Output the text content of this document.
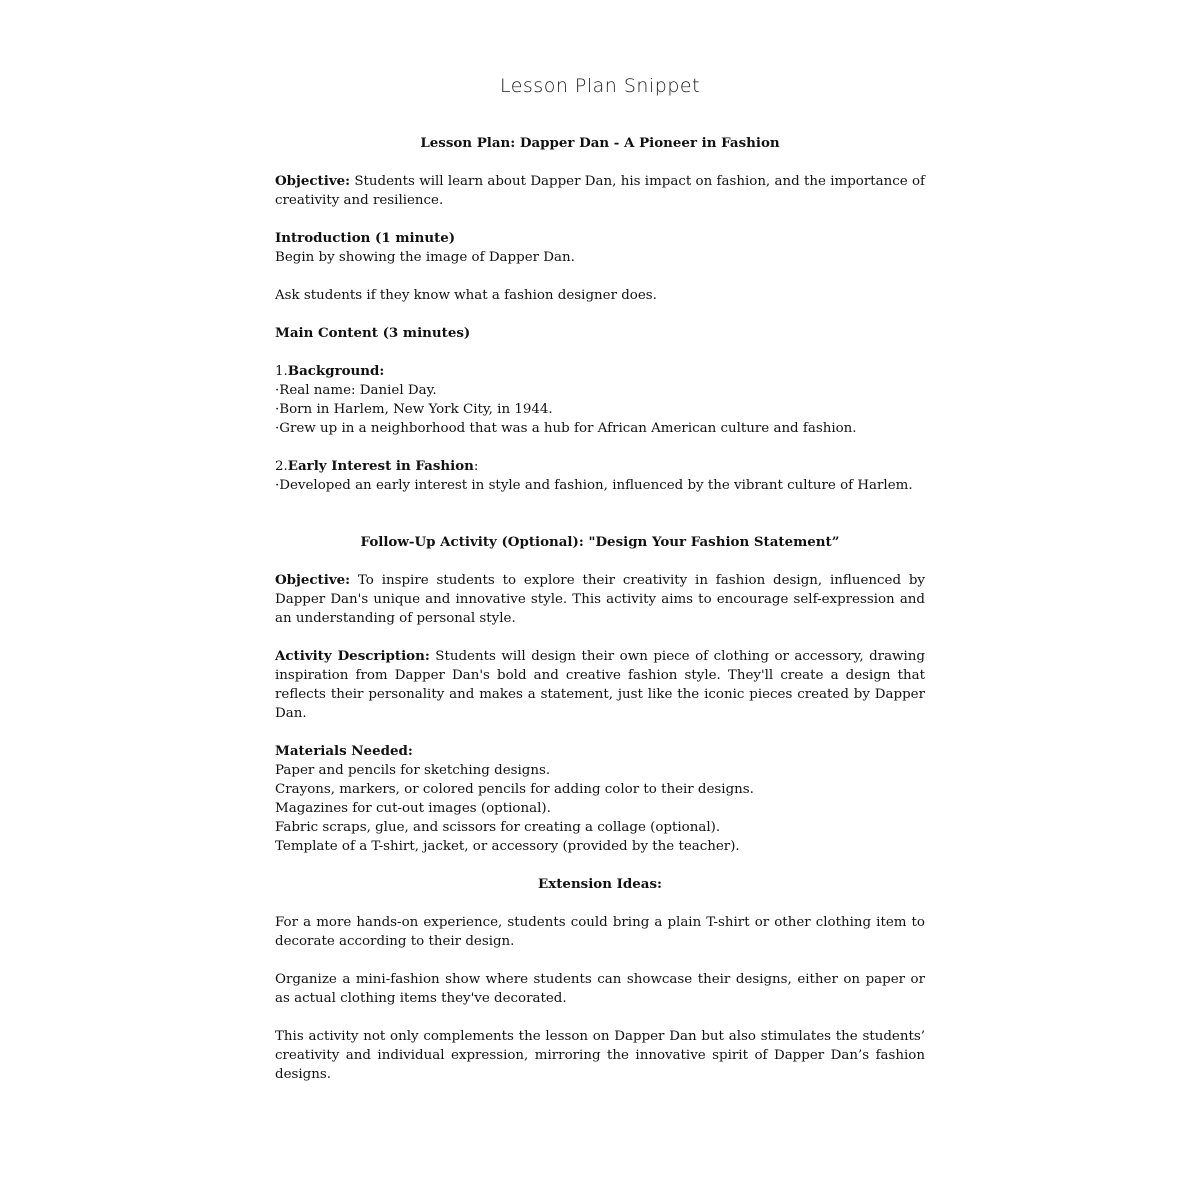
Lesson Plan Snippet

Lesson Plan: Dapper Dan - A Pioneer in Fashion

Objective: Students will learn about Dapper Dan, his impact on fashion, and the importance of creativity and resilience.

Introduction (1 minute)

Begin by showing the image of Dapper Dan.

Ask students if they know what a fashion designer does.

Main Content (3 minutes)

1.Background:

·Real name: Daniel Day.

·Born in Harlem, New York City, in 1944.

·Grew up in a neighborhood that was a hub for African American culture and fashion.

2.Early Interest in Fashion:

·Developed an early interest in style and fashion, influenced by the vibrant culture of Harlem.

Follow-Up Activity (Optional): "Design Your Fashion Statement”

Objective: To inspire students to explore their creativity in fashion design, influenced by Dapper Dan's unique and innovative style. This activity aims to encourage self-expression and an understanding of personal style.

Activity Description: Students will design their own piece of clothing or accessory, drawing inspiration from Dapper Dan's bold and creative fashion style. They'll create a design that reflects their personality and makes a statement, just like the iconic pieces created by Dapper Dan.

Materials Needed:

Paper and pencils for sketching designs.

Crayons, markers, or colored pencils for adding color to their designs.

Magazines for cut-out images (optional).

Fabric scraps, glue, and scissors for creating a collage (optional).

Template of a T-shirt, jacket, or accessory (provided by the teacher).

Extension Ideas:

For a more hands-on experience, students could bring a plain T-shirt or other clothing item to decorate according to their design.

Organize a mini-fashion show where students can showcase their designs, either on paper or as actual clothing items they've decorated.

This activity not only complements the lesson on Dapper Dan but also stimulates the students’ creativity and individual expression, mirroring the innovative spirit of Dapper Dan’s fashion designs.
